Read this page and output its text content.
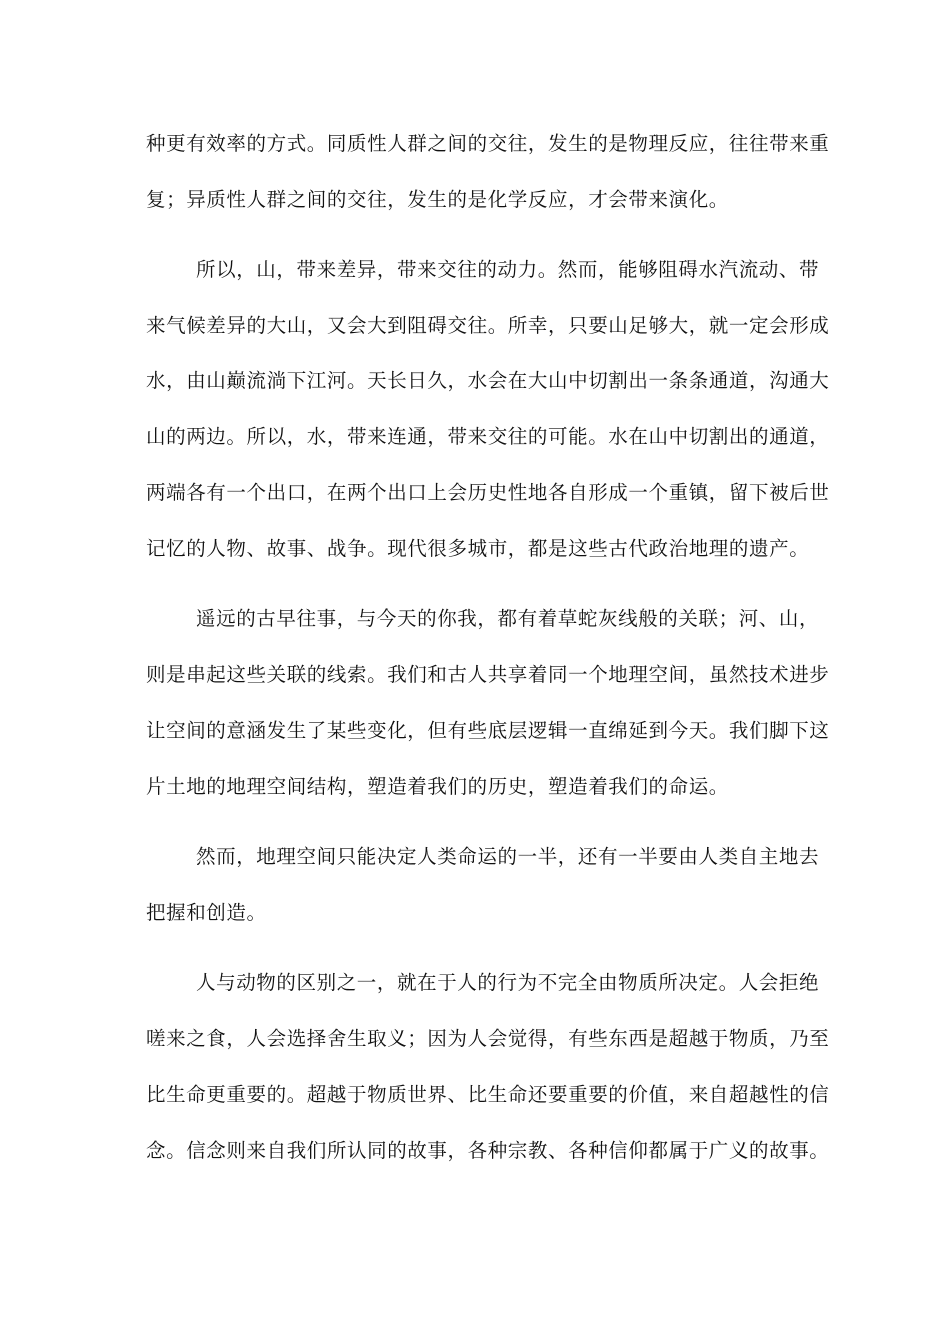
种更有效率的方式。同质性人群之间的交往，发生的是物理反应，往往带来重
复；异质性人群之间的交往，发生的是化学反应，才会带来演化。
所以，山，带来差异，带来交往的动力。然而，能够阻碍水汽流动、带
来气候差异的大山，又会大到阻碍交往。所幸，只要山足够大，就一定会形成
水，由山巅流淌下江河。天长日久，水会在大山中切割出一条条通道，沟通大
山的两边。所以，水，带来连通，带来交往的可能。水在山中切割出的通道，
两端各有一个出口，在两个出口上会历史性地各自形成一个重镇，留下被后世
记忆的人物、故事、战争。现代很多城市，都是这些古代政治地理的遗产。
遥远的古早往事，与今天的你我，都有着草蛇灰线般的关联；河、山，
则是串起这些关联的线索。我们和古人共享着同一个地理空间，虽然技术进步
让空间的意涵发生了某些变化，但有些底层逻辑一直绵延到今天。我们脚下这
片土地的地理空间结构，塑造着我们的历史，塑造着我们的命运。
然而，地理空间只能决定人类命运的一半，还有一半要由人类自主地去
把握和创造。
人与动物的区别之一，就在于人的行为不完全由物质所决定。人会拒绝
嗟来之食，人会选择舍生取义；因为人会觉得，有些东西是超越于物质，乃至
比生命更重要的。超越于物质世界、比生命还要重要的价值，来自超越性的信
念。信念则来自我们所认同的故事，各种宗教、各种信仰都属于广义的故事。
